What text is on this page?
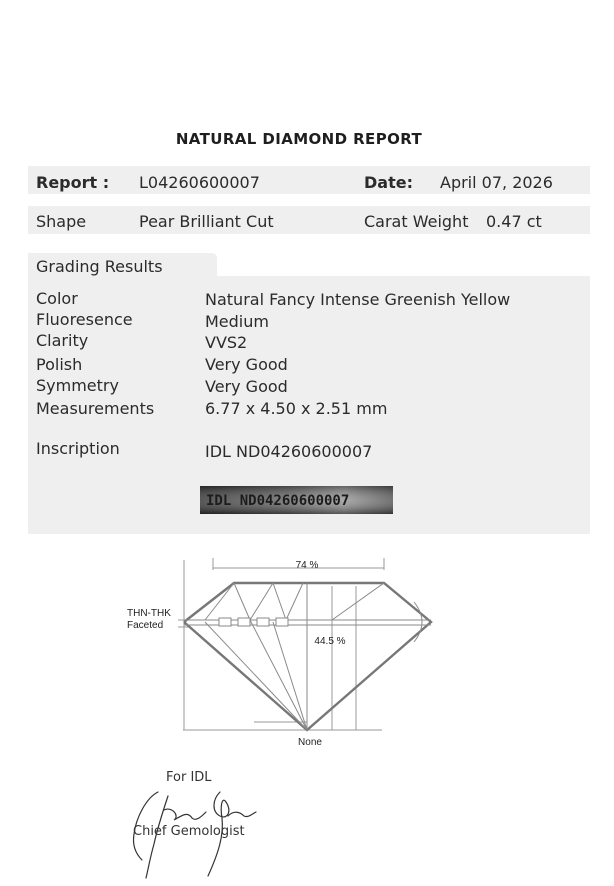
NATURAL DIAMOND REPORT
Report : L04260600007	Date: April 07, 2026
Shape	Pear Brilliant Cut	Carat Weight 0.47 ct
Grading Results
Color	Natural Fancy Intense Greenish Yellow
Fluoresence	Medium
Clarity	VVS2
Polish	Very Good
Symmetry	Very Good
Measurements	6.77 x 4.50 x 2.51 mm
Inscription	IDL ND04260600007
IDL ND04260600007
74 %
44.5 %
THN-THK
Faceted
None
For IDL
Chief Gemologist
